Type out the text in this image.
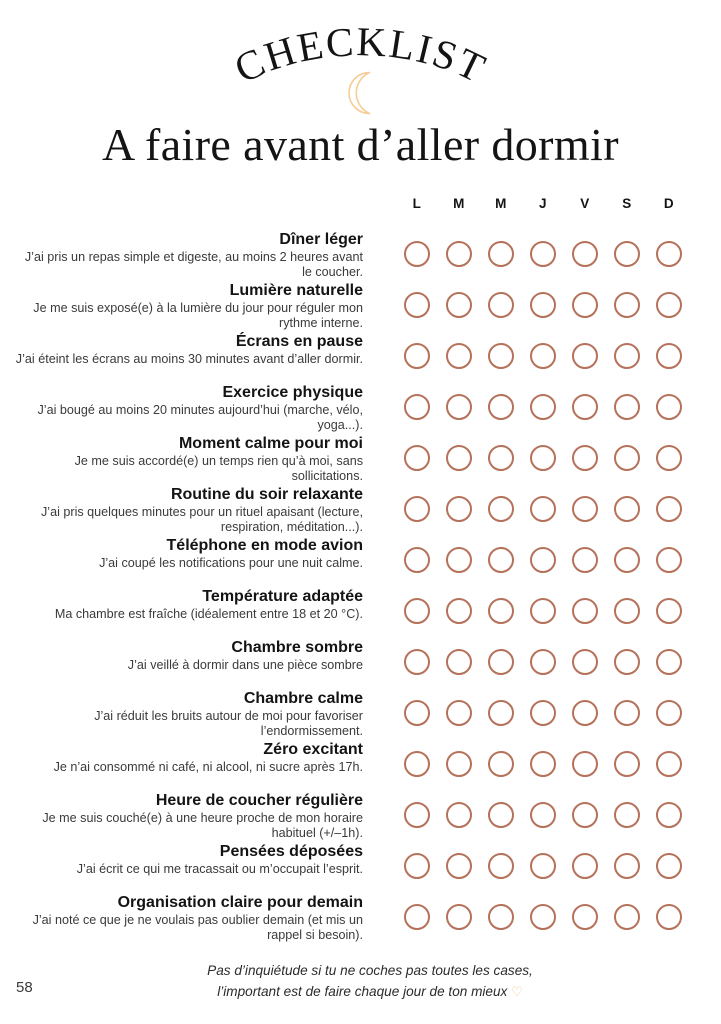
CHECKLIST
A faire avant d’aller dormir
L	M	M	J	V	S	D
Dîner léger
J’ai pris un repas simple et digeste, au moins 2 heures avant le coucher.
Lumière naturelle
Je me suis exposé(e) à la lumière du jour pour réguler mon rythme interne.
Écrans en pause
J’ai éteint les écrans au moins 30 minutes avant d’aller dormir.
Exercice physique
J’ai bougé au moins 20 minutes aujourd’hui (marche, vélo, yoga...).
Moment calme pour moi
Je me suis accordé(e) un temps rien qu’à moi, sans sollicitations.
Routine du soir relaxante
J’ai pris quelques minutes pour un rituel apaisant (lecture, respiration, méditation...).
Téléphone en mode avion
J’ai coupé les notifications pour une nuit calme.
Température adaptée
Ma chambre est fraîche (idéalement entre 18 et 20 °C).
Chambre sombre
J’ai veillé à dormir dans une pièce sombre
Chambre calme
J’ai réduit les bruits autour de moi pour favoriser l’endormissement.
Zéro excitant
Je n’ai consommé ni café, ni alcool, ni sucre après 17h.
Heure de coucher régulière
Je me suis couché(e) à une heure proche de mon horaire habituel (+/–1h).
Pensées déposées
J’ai écrit ce qui me tracassait ou m’occupait l’esprit.
Organisation claire pour demain
J’ai noté ce que je ne voulais pas oublier demain (et mis un rappel si besoin).
58
Pas d’inquiétude si tu ne coches pas toutes les cases,
l’important est de faire chaque jour de ton mieux ♡
